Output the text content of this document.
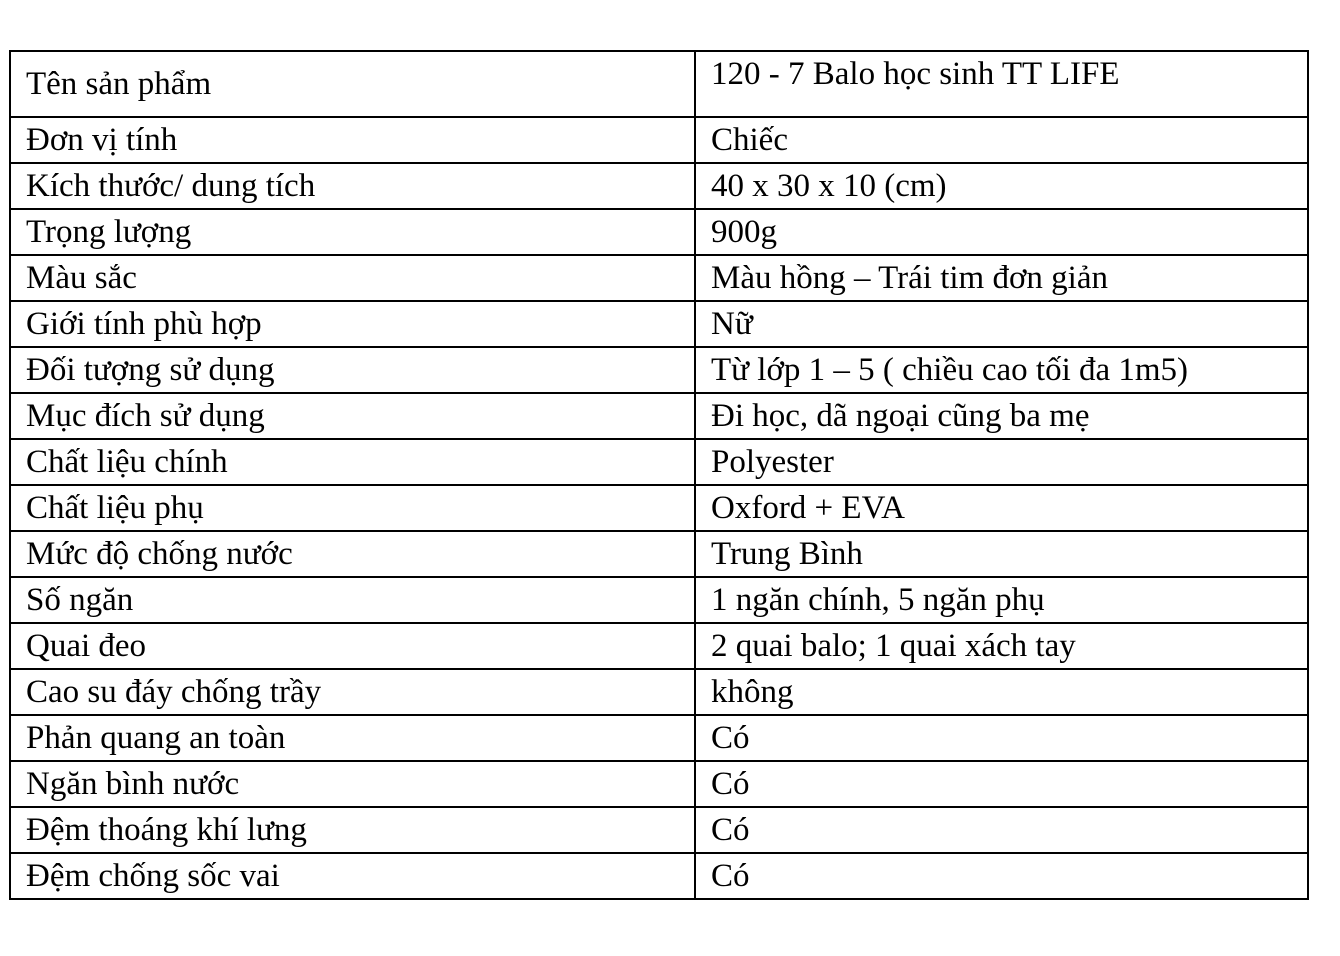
Tên sản phẩm	120 - 7 Balo học sinh TT LIFE
Đơn vị tính	Chiếc
Kích thước/ dung tích	40 x 30 x 10 (cm)
Trọng lượng	900g
Màu sắc	Màu hồng – Trái tim đơn giản
Giới tính phù hợp	Nữ
Đối tượng sử dụng	Từ lớp 1 – 5 ( chiều cao tối đa 1m5)
Mục đích sử dụng	Đi học, dã ngoại cũng ba mẹ
Chất liệu chính	Polyester
Chất liệu phụ	Oxford + EVA
Mức độ chống nước	Trung Bình
Số ngăn	1 ngăn chính, 5 ngăn phụ
Quai đeo	2 quai balo; 1 quai xách tay
Cao su đáy chống trầy	không
Phản quang an toàn	Có
Ngăn bình nước	Có
Đệm thoáng khí lưng	Có
Đệm chống sốc vai	Có
